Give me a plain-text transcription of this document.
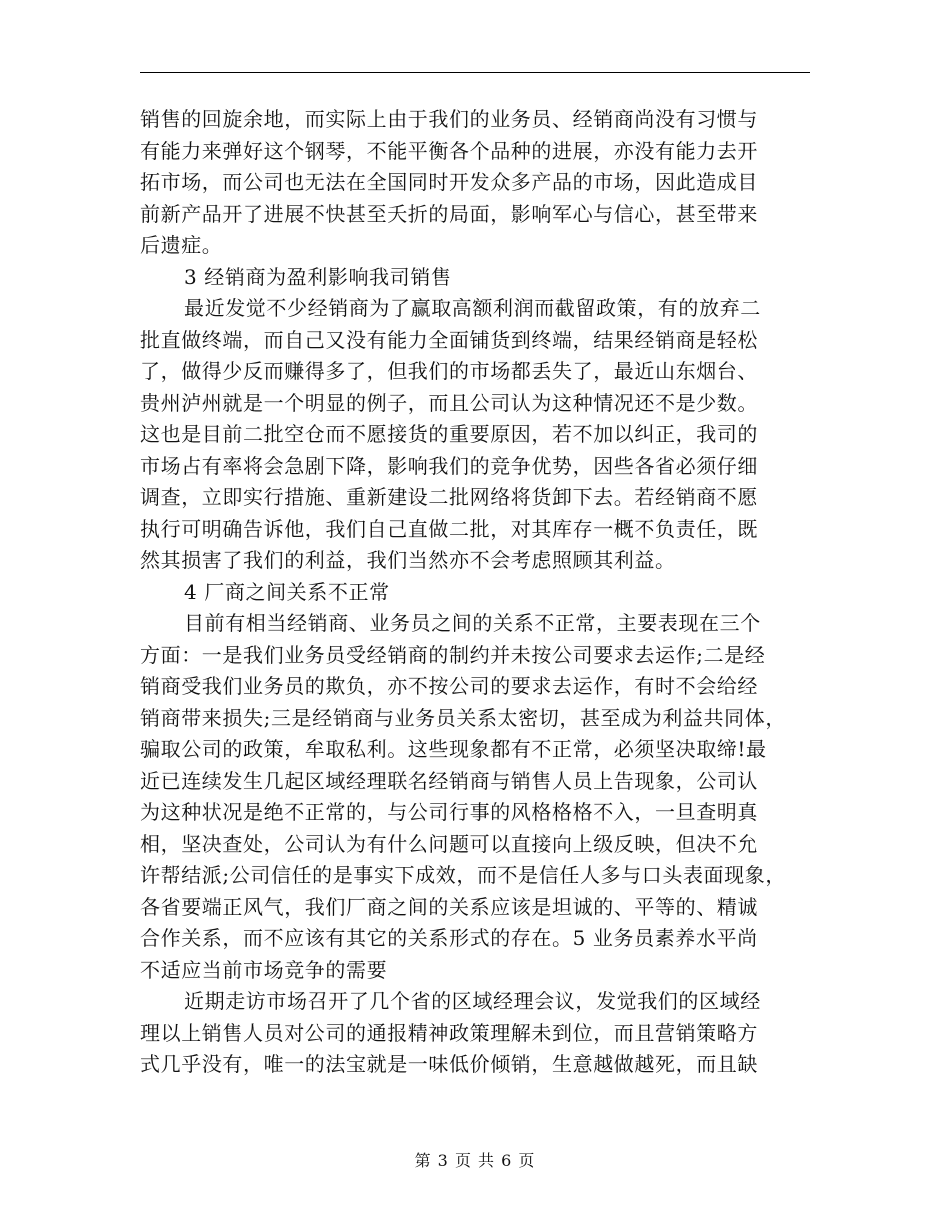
销售的回旋余地，而实际上由于我们的业务员、经销商尚没有习惯与
有能力来弹好这个钢琴，不能平衡各个品种的进展，亦没有能力去开
拓市场，而公司也无法在全国同时开发众多产品的市场，因此造成目
前新产品开了进展不快甚至夭折的局面，影响军心与信心，甚至带来
后遗症。
3 经销商为盈利影响我司销售
最近发觉不少经销商为了赢取高额利润而截留政策，有的放弃二
批直做终端，而自己又没有能力全面铺货到终端，结果经销商是轻松
了，做得少反而赚得多了，但我们的市场都丢失了，最近山东烟台、
贵州泸州就是一个明显的例子，而且公司认为这种情况还不是少数。
这也是目前二批空仓而不愿接货的重要原因，若不加以纠正，我司的
市场占有率将会急剧下降，影响我们的竞争优势，因些各省必须仔细
调查，立即实行措施、重新建设二批网络将货卸下去。若经销商不愿
执行可明确告诉他，我们自己直做二批，对其库存一概不负责任，既
然其损害了我们的利益，我们当然亦不会考虑照顾其利益。
4 厂商之间关系不正常
目前有相当经销商、业务员之间的关系不正常，主要表现在三个
方面：一是我们业务员受经销商的制约并未按公司要求去运作;二是经
销商受我们业务员的欺负，亦不按公司的要求去运作，有时不会给经
销商带来损失;三是经销商与业务员关系太密切，甚至成为利益共同体，
骗取公司的政策，牟取私利。这些现象都有不正常，必须坚决取缔!最
近已连续发生几起区域经理联名经销商与销售人员上告现象，公司认
为这种状况是绝不正常的，与公司行事的风格格格不入，一旦查明真
相，坚决查处，公司认为有什么问题可以直接向上级反映，但决不允
许帮结派;公司信任的是事实下成效，而不是信任人多与口头表面现象，
各省要端正风气，我们厂商之间的关系应该是坦诚的、平等的、精诚
合作关系，而不应该有其它的关系形式的存在。5 业务员素养水平尚
不适应当前市场竞争的需要
近期走访市场召开了几个省的区域经理会议，发觉我们的区域经
理以上销售人员对公司的通报精神政策理解未到位，而且营销策略方
式几乎没有，唯一的法宝就是一味低价倾销，生意越做越死，而且缺
第 3 页 共 6 页
